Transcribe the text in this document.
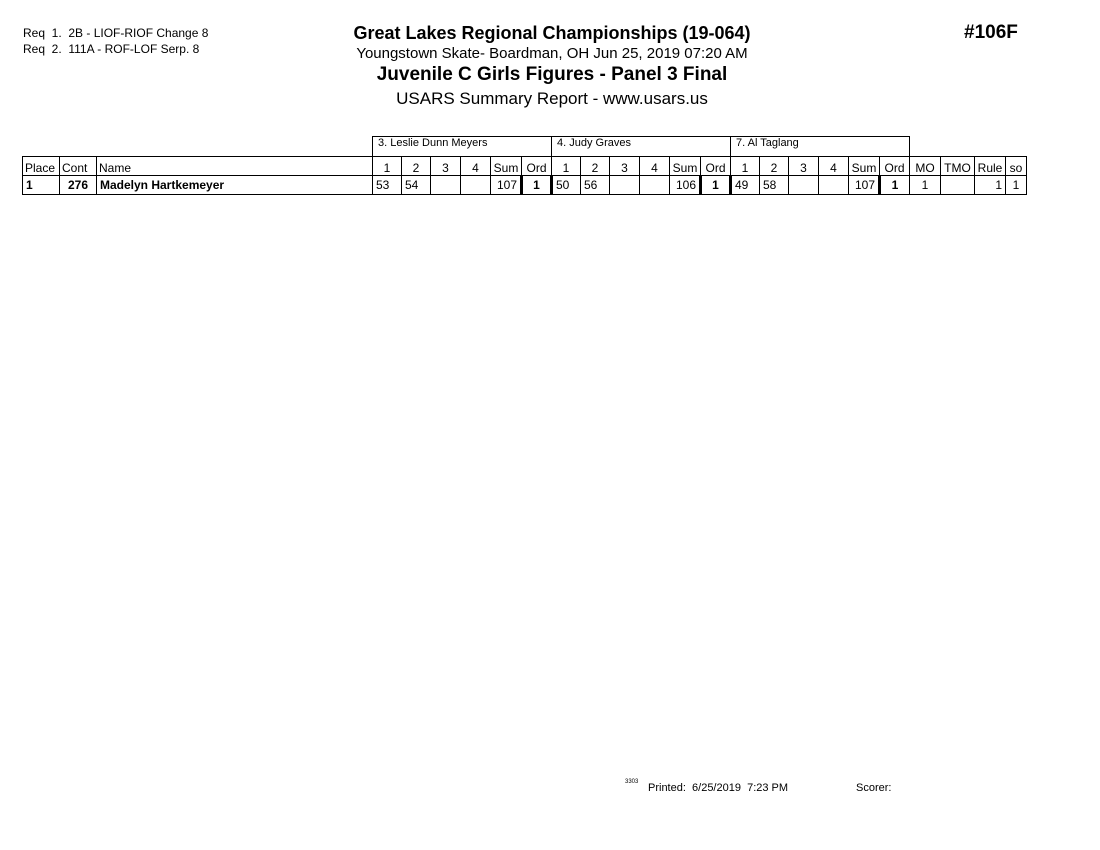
Req  1.  2B - LIOF-RIOF Change 8
Req  2.  111A - ROF-LOF Serp. 8
#106F
Great Lakes Regional Championships (19-064)
Youngstown Skate- Boardman, OH Jun 25, 2019 07:20 AM
Juvenile C Girls Figures - Panel 3 Final
USARS Summary Report - www.usars.us
			3. Leslie Dunn Meyers						4. Judy Graves						7. Al Taglang									
Place	Cont	Name	1	2	3	4	Sum	Ord	1	2	3	4	Sum	Ord	1	2	3	4	Sum	Ord	MO	TMO	Rule	so
1	276	Madelyn Hartkemeyer	53	54			107	1	50	56			106	1	49	58			107	1	1		1	1
3303 Printed:  6/25/2019  7:23 PM	Scorer:
